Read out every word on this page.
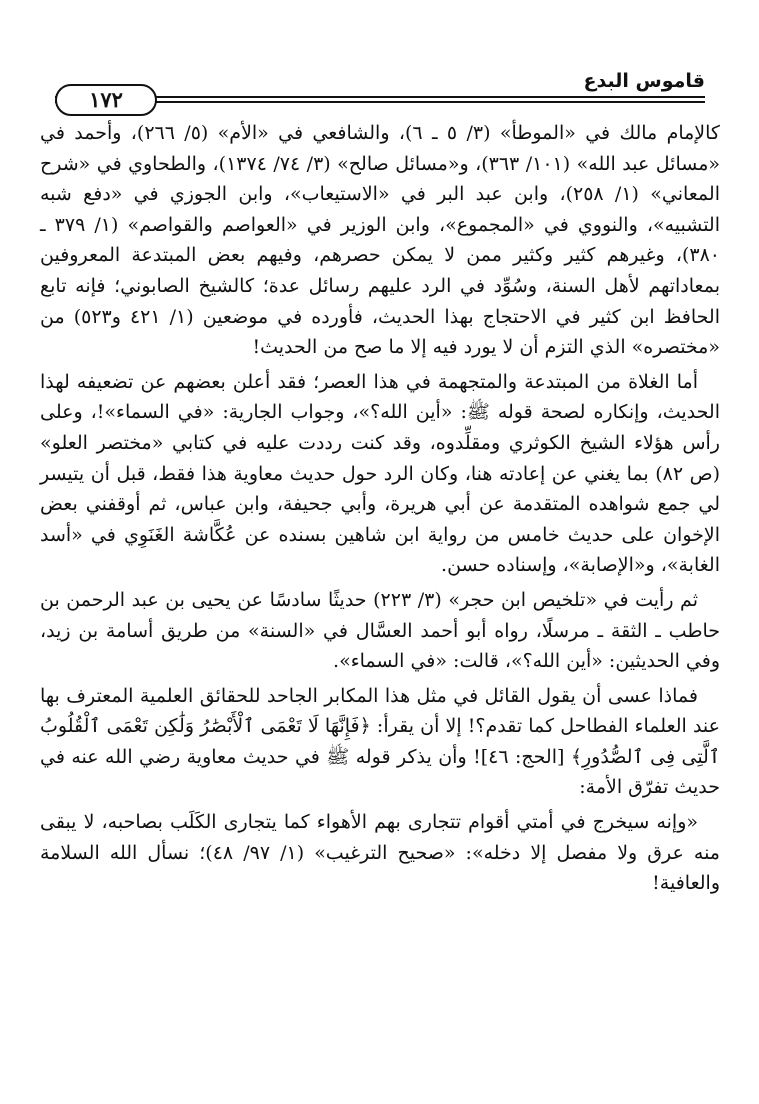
قاموس البدع
١٧٢

كالإمام مالك في «الموطأ» (٣/ ٥ ـ ٦)، والشافعي في «الأم» (٥/ ٢٦٦)، وأحمد في «مسائل عبد الله» (١٠١/ ٣٦٣)، و«مسائل صالح» (٣/ ٧٤/ ١٣٧٤)، والطحاوي في «شرح المعاني» (١/ ٢٥٨)، وابن عبد البر في «الاستيعاب»، وابن الجوزي في «دفع شبه التشبيه»، والنووي في «المجموع»، وابن الوزير في «العواصم والقواصم» (١/ ٣٧٩ ـ ٣٨٠)، وغيرهم كثير وكثير ممن لا يمكن حصرهم، وفيهم بعض المبتدعة المعروفين بمعاداتهم لأهل السنة، وسُوِّد في الرد عليهم رسائل عدة؛ كالشيخ الصابوني؛ فإنه تابع الحافظ ابن كثير في الاحتجاج بهذا الحديث، فأورده في موضعين (١/ ٤٢١ و٥٢٣) من «مختصره» الذي التزم أن لا يورد فيه إلا ما صح من الحديث!

أما الغلاة من المبتدعة والمتجهمة في هذا العصر؛ فقد أعلن بعضهم عن تضعيفه لهذا الحديث، وإنكاره لصحة قوله ﷺ: «أين الله؟»، وجواب الجارية: «في السماء»!، وعلى رأس هؤلاء الشيخ الكوثري ومقلِّدوه، وقد كنت رددت عليه في كتابي «مختصر العلو» (ص ٨٢) بما يغني عن إعادته هنا، وكان الرد حول حديث معاوية هذا فقط، قبل أن يتيسر لي جمع شواهده المتقدمة عن أبي هريرة، وأبي جحيفة، وابن عباس، ثم أوقفني بعض الإخوان على حديث خامس من رواية ابن شاهين بسنده عن عُكَّاشة الغَنَوِي في «أسد الغابة»، و«الإصابة»، وإسناده حسن.

ثم رأيت في «تلخيص ابن حجر» (٣/ ٢٢٣) حديثًا سادسًا عن يحيى بن عبد الرحمن بن حاطب ـ الثقة ـ مرسلًا، رواه أبو أحمد العسَّال في «السنة» من طريق أسامة بن زيد، وفي الحديثين: «أين الله؟»، قالت: «في السماء».

فماذا عسى أن يقول القائل في مثل هذا المكابر الجاحد للحقائق العلمية المعترف بها عند العلماء الفطاحل كما تقدم؟! إلا أن يقرأ: ﴿فَإِنَّهَا لَا تَعْمَى ٱلْأَبْصَٰرُ وَلَٰكِن تَعْمَى ٱلْقُلُوبُ ٱلَّتِى فِى ٱلصُّدُورِ﴾ [الحج: ٤٦]! وأن يذكر قوله ﷺ في حديث معاوية رضي الله عنه في حديث تفرّق الأمة:

«وإنه سيخرج في أمتي أقوام تتجارى بهم الأهواء كما يتجارى الكَلَب بصاحبه، لا يبقى منه عرق ولا مفصل إلا دخله»: «صحيح الترغيب» (١/ ٩٧/ ٤٨)؛ نسأل الله السلامة والعافية!
